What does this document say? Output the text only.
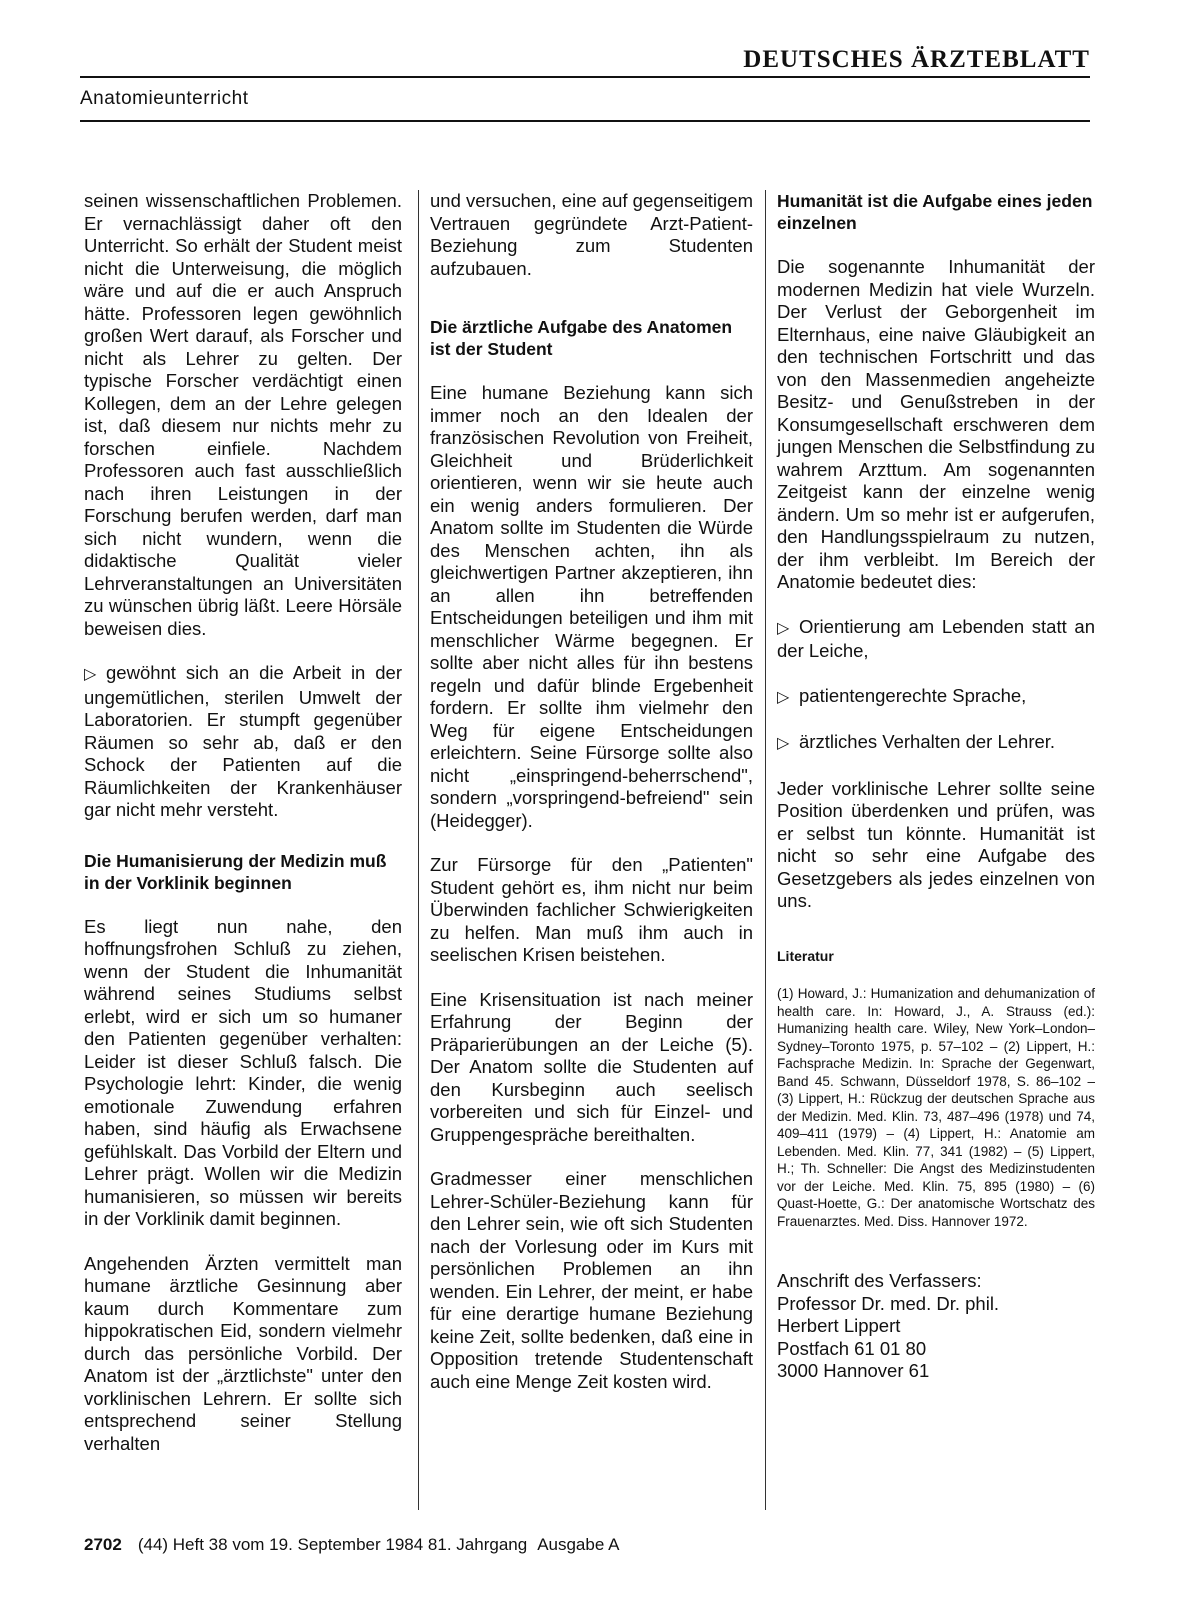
DEUTSCHES ÄRZTEBLATT
Anatomieunterricht

seinen wissenschaftlichen Problemen. Er vernachlässigt daher oft den Unterricht. So erhält der Student meist nicht die Unterweisung, die möglich wäre und auf die er auch Anspruch hätte. Professoren legen gewöhnlich großen Wert darauf, als Forscher und nicht als Lehrer zu gelten. Der typische Forscher verdächtigt einen Kollegen, dem an der Lehre gelegen ist, daß diesem nur nichts mehr zu forschen einfiele. Nachdem Professoren auch fast ausschließlich nach ihren Leistungen in der Forschung berufen werden, darf man sich nicht wundern, wenn die didaktische Qualität vieler Lehrveranstaltungen an Universitäten zu wünschen übrig läßt. Leere Hörsäle beweisen dies.

▷ gewöhnt sich an die Arbeit in der ungemütlichen, sterilen Umwelt der Laboratorien. Er stumpft gegenüber Räumen so sehr ab, daß er den Schock der Patienten auf die Räumlichkeiten der Krankenhäuser gar nicht mehr versteht.

Die Humanisierung der Medizin muß in der Vorklinik beginnen

Es liegt nun nahe, den hoffnungsfrohen Schluß zu ziehen, wenn der Student die Inhumanität während seines Studiums selbst erlebt, wird er sich um so humaner den Patienten gegenüber verhalten: Leider ist dieser Schluß falsch. Die Psychologie lehrt: Kinder, die wenig emotionale Zuwendung erfahren haben, sind häufig als Erwachsene gefühlskalt. Das Vorbild der Eltern und Lehrer prägt. Wollen wir die Medizin humanisieren, so müssen wir bereits in der Vorklinik damit beginnen.

Angehenden Ärzten vermittelt man humane ärztliche Gesinnung aber kaum durch Kommentare zum hippokratischen Eid, sondern vielmehr durch das persönliche Vorbild. Der Anatom ist der „ärztlichste" unter den vorklinischen Lehrern. Er sollte sich entsprechend seiner Stellung verhalten

und versuchen, eine auf gegenseitigem Vertrauen gegründete Arzt-Patient-Beziehung zum Studenten aufzubauen.

Die ärztliche Aufgabe des Anatomen ist der Student

Eine humane Beziehung kann sich immer noch an den Idealen der französischen Revolution von Freiheit, Gleichheit und Brüderlichkeit orientieren, wenn wir sie heute auch ein wenig anders formulieren. Der Anatom sollte im Studenten die Würde des Menschen achten, ihn als gleichwertigen Partner akzeptieren, ihn an allen ihn betreffenden Entscheidungen beteiligen und ihm mit menschlicher Wärme begegnen. Er sollte aber nicht alles für ihn bestens regeln und dafür blinde Ergebenheit fordern. Er sollte ihm vielmehr den Weg für eigene Entscheidungen erleichtern. Seine Fürsorge sollte also nicht „einspringend-beherrschend", sondern „vorspringend-befreiend" sein (Heidegger).

Zur Fürsorge für den „Patienten" Student gehört es, ihm nicht nur beim Überwinden fachlicher Schwierigkeiten zu helfen. Man muß ihm auch in seelischen Krisen beistehen.

Eine Krisensituation ist nach meiner Erfahrung der Beginn der Präparierübungen an der Leiche (5). Der Anatom sollte die Studenten auf den Kursbeginn auch seelisch vorbereiten und sich für Einzel- und Gruppengespräche bereithalten.

Gradmesser einer menschlichen Lehrer-Schüler-Beziehung kann für den Lehrer sein, wie oft sich Studenten nach der Vorlesung oder im Kurs mit persönlichen Problemen an ihn wenden. Ein Lehrer, der meint, er habe für eine derartige humane Beziehung keine Zeit, sollte bedenken, daß eine in Opposition tretende Studentenschaft auch eine Menge Zeit kosten wird.

Humanität ist die Aufgabe eines jeden einzelnen

Die sogenannte Inhumanität der modernen Medizin hat viele Wurzeln. Der Verlust der Geborgenheit im Elternhaus, eine naive Gläubigkeit an den technischen Fortschritt und das von den Massenmedien angeheizte Besitz- und Genußstreben in der Konsumgesellschaft erschweren dem jungen Menschen die Selbstfindung zu wahrem Arzttum. Am sogenannten Zeitgeist kann der einzelne wenig ändern. Um so mehr ist er aufgerufen, den Handlungsspielraum zu nutzen, der ihm verbleibt. Im Bereich der Anatomie bedeutet dies:

▷ Orientierung am Lebenden statt an der Leiche,

▷ patientengerechte Sprache,

▷ ärztliches Verhalten der Lehrer.

Jeder vorklinische Lehrer sollte seine Position überdenken und prüfen, was er selbst tun könnte. Humanität ist nicht so sehr eine Aufgabe des Gesetzgebers als jedes einzelnen von uns.

Literatur
(1) Howard, J.: Humanization and dehumanization of health care. In: Howard, J., A. Strauss (ed.): Humanizing health care. Wiley, New York–London–Sydney–Toronto 1975, p. 57–102 – (2) Lippert, H.: Fachsprache Medizin. In: Sprache der Gegenwart, Band 45. Schwann, Düsseldorf 1978, S. 86–102 – (3) Lippert, H.: Rückzug der deutschen Sprache aus der Medizin. Med. Klin. 73, 487–496 (1978) und 74, 409–411 (1979) – (4) Lippert, H.: Anatomie am Lebenden. Med. Klin. 77, 341 (1982) – (5) Lippert, H.; Th. Schneller: Die Angst des Medizinstudenten vor der Leiche. Med. Klin. 75, 895 (1980) – (6) Quast-Hoette, G.: Der anatomische Wortschatz des Frauenarztes. Med. Diss. Hannover 1972.
Anschrift des Verfassers:
Professor Dr. med. Dr. phil.
Herbert Lippert
Postfach 61 01 80
3000 Hannover 61
2702 (44) Heft 38 vom 19. September 1984 81. Jahrgang Ausgabe A
